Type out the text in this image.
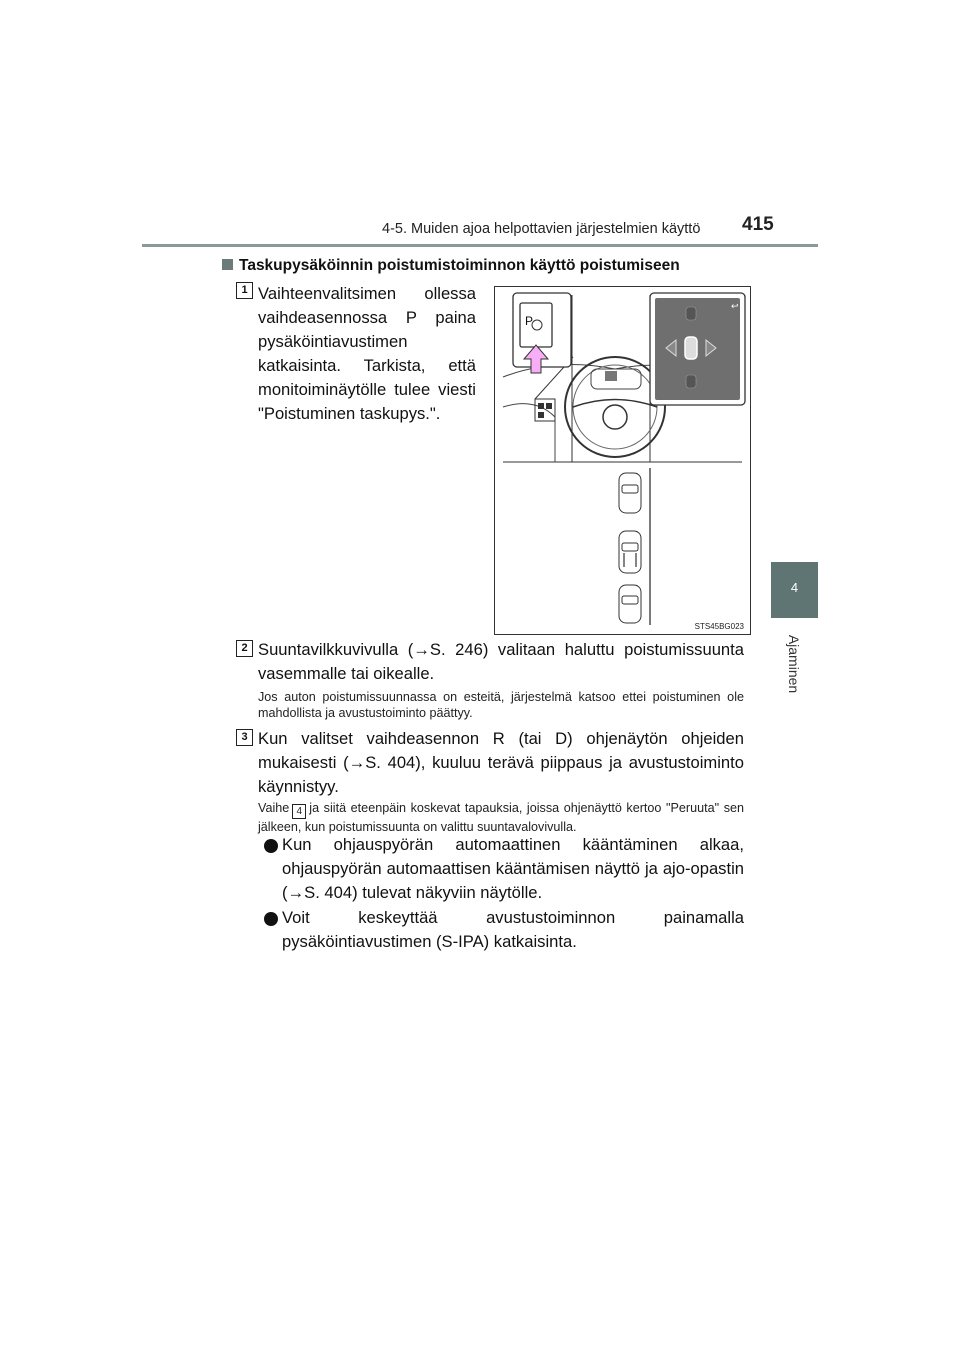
4-5. Muiden ajoa helpottavien järjestelmien käyttö 415
4
Ajaminen
Taskupysäköinnin poistumistoiminnon käyttö poistumiseen
1 Vaihteenvalitsimen ollessa vaihdeasennossa P paina pysäköintiavustimen katkaisinta. Tarkista, että monitoiminäytölle tulee viesti "Poistuminen taskupys.".
P
↩
STS45BG023
2 Suuntavilkkuvivulla (→S. 246) valitaan haluttu poistumissuunta vasemmalle tai oikealle.
Jos auton poistumissuunnassa on esteitä, järjestelmä katsoo ettei poistuminen ole mahdollista ja avustustoiminto päättyy.
3 Kun valitset vaihdeasennon R (tai D) ohjenäytön ohjeiden mukaisesti (→S. 404), kuuluu terävä piippaus ja avustustoiminto käynnistyy.
Vaihe 4 ja siitä eteenpäin koskevat tapauksia, joissa ohjenäyttö kertoo "Peruuta" sen jälkeen, kun poistumissuunta on valittu suuntavalovivulla.
Kun ohjauspyörän automaattinen kääntäminen alkaa, ohjauspyörän automaattisen kääntämisen näyttö ja ajo-opastin (→S. 404) tulevat näkyviin näytölle.
Voit keskeyttää avustustoiminnon painamalla pysäköintiavustimen (S-IPA) katkaisinta.
